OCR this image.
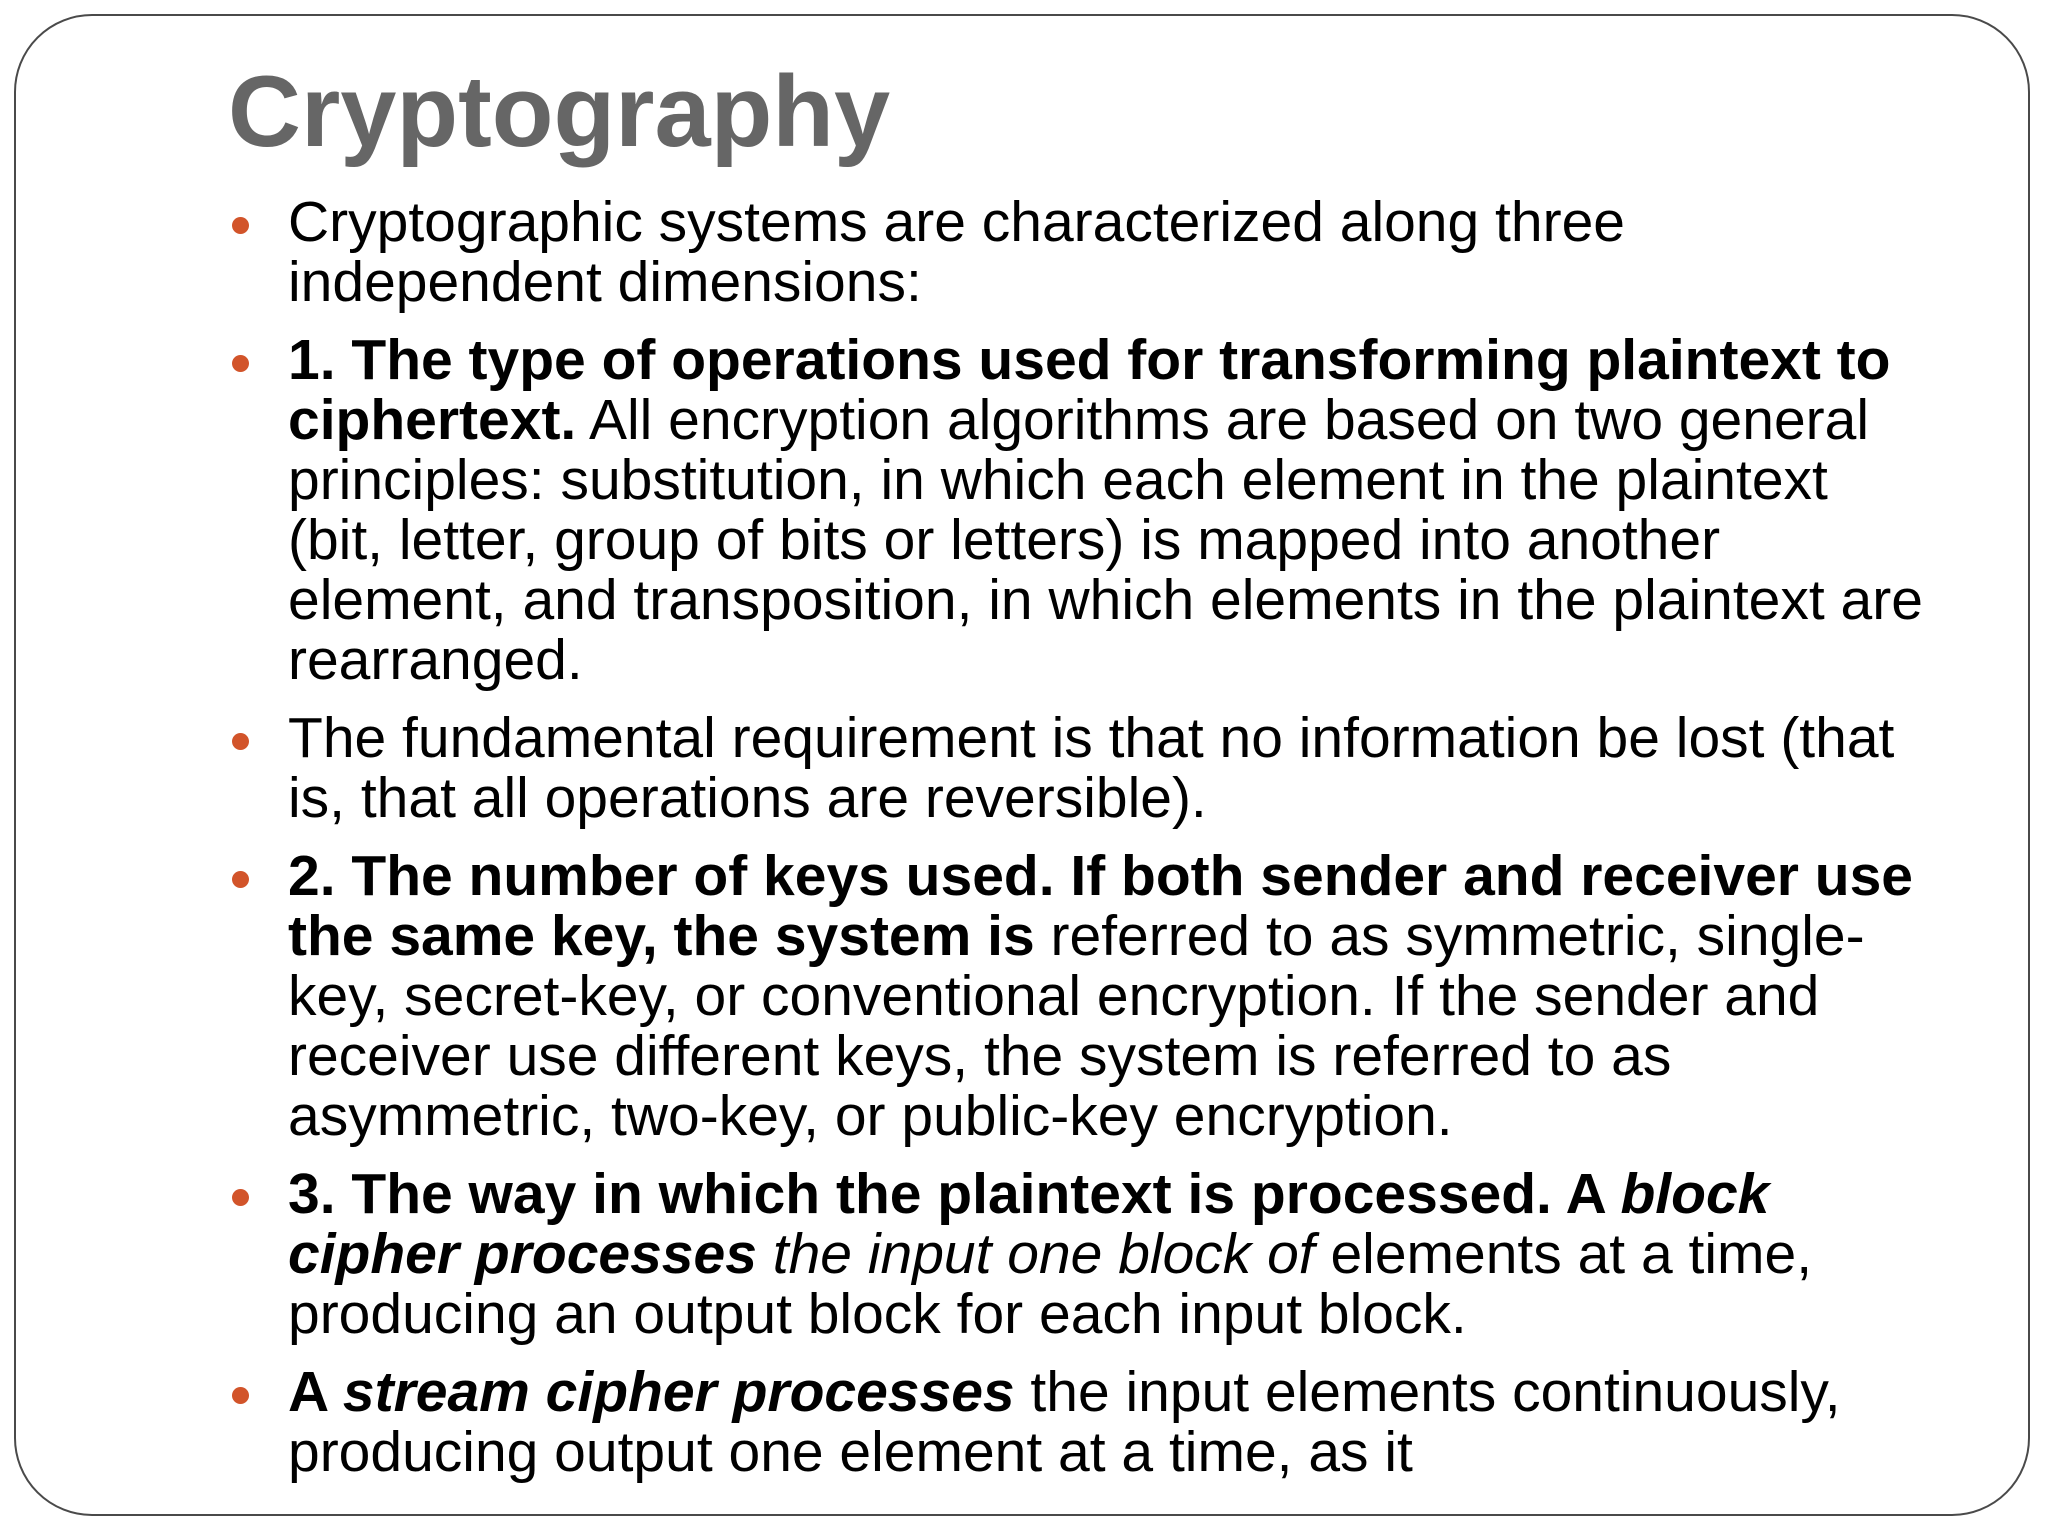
Cryptography
Cryptographic systems are characterized along three independent dimensions:
1. The type of operations used for transforming plaintext to ciphertext. All encryption algorithms are based on two general principles: substitution, in which each element in the plaintext (bit, letter, group of bits or letters) is mapped into another element, and transposition, in which elements in the plaintext are rearranged.
The fundamental requirement is that no information be lost (that is, that all operations are reversible).
2. The number of keys used. If both sender and receiver use the same key, the system is referred to as symmetric, single-key, secret-key, or conventional encryption. If the sender and receiver use different keys, the system is referred to as asymmetric, two-key, or public-key encryption.
3. The way in which the plaintext is processed. A block cipher processes the input one block of elements at a time, producing an output block for each input block.
A stream cipher processes the input elements continuously, producing output one element at a time, as it
